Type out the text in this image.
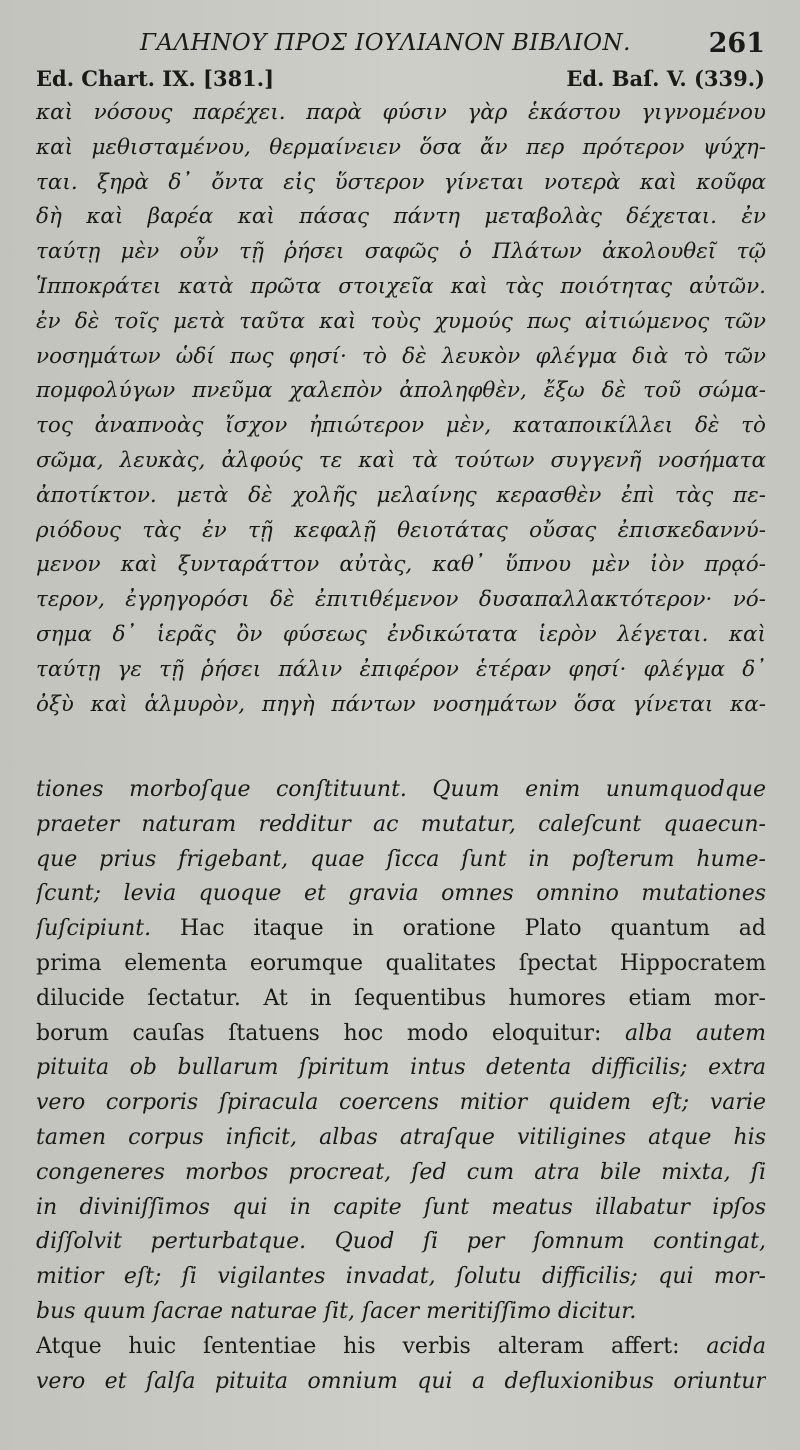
ΓΑΛΗΝΟΥ ΠΡΟΣ ΙΟΥΛΙΑΝΟΝ ΒΙΒΛΙΟΝ.	261
Ed. Chart. IX. [381.]	Ed. Baſ. V. (339.)
καὶ νόσους παρέχει. παρὰ φύσιν γὰρ ἑκάστου γιγνομένου
καὶ μεθισταμένου, θερμαίνειεν ὅσα ἄν περ πρότερον ψύχη-
ται. ξηρὰ δ᾽ ὄντα εἰς ὕστερον γίνεται νοτερὰ καὶ κοῦφα
δὴ καὶ βαρέα καὶ πάσας πάντη μεταβολὰς δέχεται. ἐν
ταύτῃ μὲν οὖν τῇ ῥήσει σαφῶς ὁ Πλάτων ἀκολουθεῖ τῷ
Ἱπποκράτει κατὰ πρῶτα στοιχεῖα καὶ τὰς ποιότητας αὐτῶν.
ἐν δὲ τοῖς μετὰ ταῦτα καὶ τοὺς χυμούς πως αἰτιώμενος τῶν
νοσημάτων ὡδί πως φησί· τὸ δὲ λευκὸν φλέγμα διὰ τὸ τῶν
πομφολύγων πνεῦμα χαλεπὸν ἀποληφθὲν, ἔξω δὲ τοῦ σώμα-
τος ἀναπνοὰς ἴσχον ἠπιώτερον μὲν, καταποικίλλει δὲ τὸ
σῶμα, λευκὰς, ἀλφούς τε καὶ τὰ τούτων συγγενῆ νοσήματα
ἀποτίκτον. μετὰ δὲ χολῆς μελαίνης κερασθὲν ἐπὶ τὰς πε-
ριόδους τὰς ἐν τῇ κεφαλῇ θειοτάτας οὔσας ἐπισκεδαννύ-
μενον καὶ ξυνταράττον αὐτὰς, καθ᾽ ὕπνου μὲν ἰὸν πρᾳό-
τερον, ἐγρηγορόσι δὲ ἐπιτιθέμενον δυσαπαλλακτότερον· νό-
σημα δ᾽ ἱερᾶς ὂν φύσεως ἐνδικώτατα ἱερὸν λέγεται. καὶ
ταύτῃ γε τῇ ῥήσει πάλιν ἐπιφέρον ἑτέραν φησί· φλέγμα δ᾽
ὀξὺ καὶ ἁλμυρὸν, πηγὴ πάντων νοσημάτων ὅσα γίνεται κα-
tiones morboſque conſtituunt. Quum enim unumquodque
praeter naturam redditur ac mutatur, caleſcunt quaecun-
que prius frigebant, quae ſicca ſunt in poſterum hume-
ſcunt; levia quoque et gravia omnes omnino mutationes
ſuſcipiunt. Hac itaque in oratione Plato quantum ad
prima elementa eorumque qualitates ſpectat Hippocratem
dilucide ſectatur. At in ſequentibus humores etiam mor-
borum cauſas ſtatuens hoc modo eloquitur: alba autem
pituita ob bullarum ſpiritum intus detenta difficilis; extra
vero corporis ſpiracula coercens mitior quidem eſt; varie
tamen corpus inficit, albas atraſque vitiligines atque his
congeneres morbos procreat, ſed cum atra bile mixta, ſi
in diviniſſimos qui in capite ſunt meatus illabatur ipſos
diſſolvit perturbatque. Quod ſi per ſomnum contingat,
mitior eſt; ſi vigilantes invadat, ſolutu difficilis; qui mor-
bus quum ſacrae naturae ſit, ſacer meritiſſimo dicitur.
Atque huic ſententiae his verbis alteram affert: acida
vero et ſalſa pituita omnium qui a defluxionibus oriuntur
